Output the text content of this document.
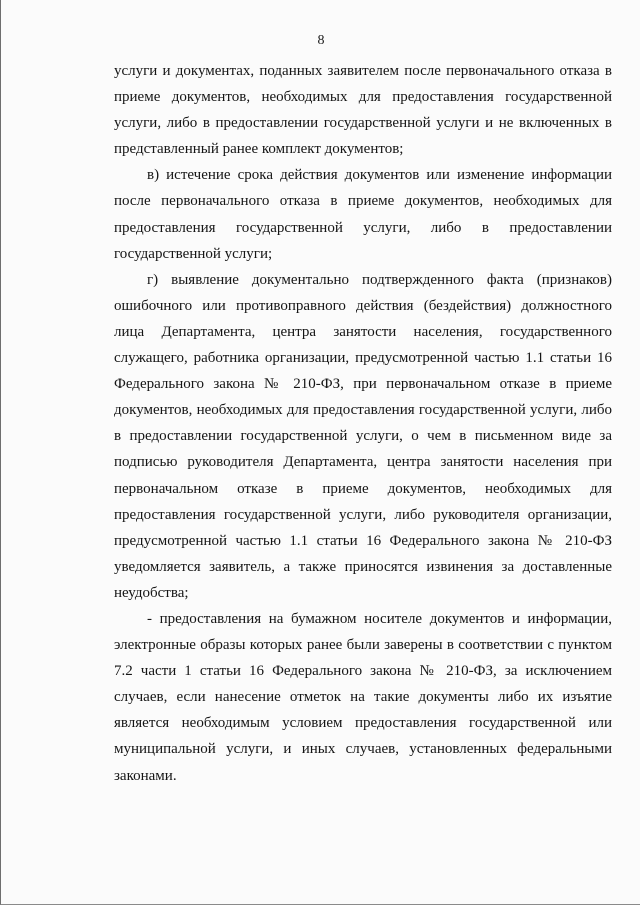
8

услуги и документах, поданных заявителем после первоначального отказа в приеме документов, необходимых для предоставления государственной услуги, либо в предоставлении государственной услуги и не включенных в представленный ранее комплект документов;

в) истечение срока действия документов или изменение информации после первоначального отказа в приеме документов, необходимых для предоставления государственной услуги, либо в предоставлении государственной услуги;

г) выявление документально подтвержденного факта (признаков) ошибочного или противоправного действия (бездействия) должностного лица Департамента, центра занятости населения, государственного служащего, работника организации, предусмотренной частью 1.1 статьи 16 Федерального закона № 210-ФЗ, при первоначальном отказе в приеме документов, необходимых для предоставления государственной услуги, либо в предоставлении государственной услуги, о чем в письменном виде за подписью руководителя Департамента, центра занятости населения при первоначальном отказе в приеме документов, необходимых для предоставления государственной услуги, либо руководителя организации, предусмотренной частью 1.1 статьи 16 Федерального закона № 210-ФЗ уведомляется заявитель, а также приносятся извинения за доставленные неудобства;

- предоставления на бумажном носителе документов и информации, электронные образы которых ранее были заверены в соответствии с пунктом 7.2 части 1 статьи 16 Федерального закона № 210-ФЗ, за исключением случаев, если нанесение отметок на такие документы либо их изъятие является необходимым условием предоставления государственной или муниципальной услуги, и иных случаев, установленных федеральными законами.
